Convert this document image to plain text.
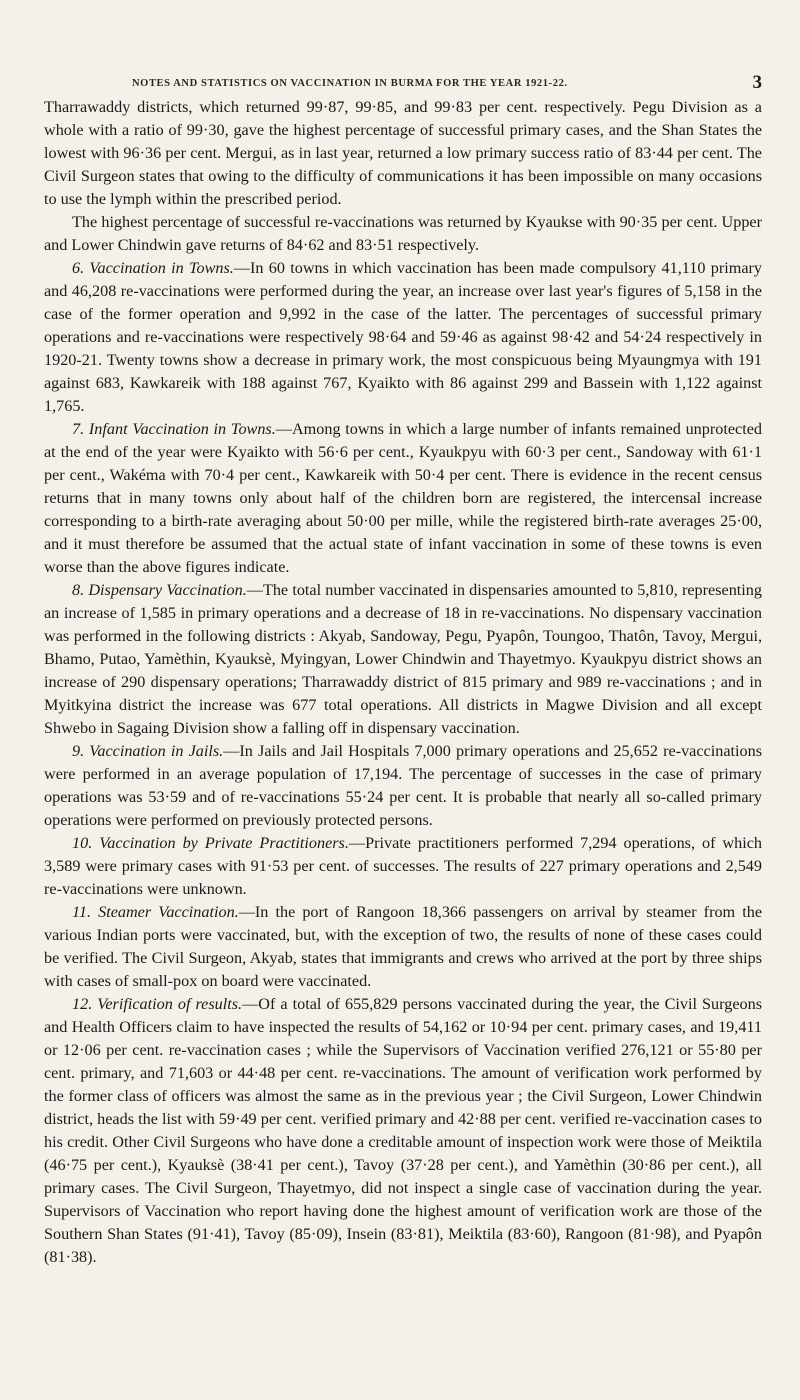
NOTES AND STATISTICS ON VACCINATION IN BURMA FOR THE YEAR 1921-22.	3

Tharrawaddy districts, which returned 99·87, 99·85, and 99·83 per cent. respectively. Pegu Division as a whole with a ratio of 99·30, gave the highest percentage of successful primary cases, and the Shan States the lowest with 96·36 per cent. Mergui, as in last year, returned a low primary success ratio of 83·44 per cent. The Civil Surgeon states that owing to the difficulty of communications it has been impossible on many occasions to use the lymph within the prescribed period.

The highest percentage of successful re-vaccinations was returned by Kyaukse with 90·35 per cent. Upper and Lower Chindwin gave returns of 84·62 and 83·51 respectively.

6. Vaccination in Towns.—In 60 towns in which vaccination has been made compulsory 41,110 primary and 46,208 re-vaccinations were performed during the year, an increase over last year's figures of 5,158 in the case of the former operation and 9,992 in the case of the latter. The percentages of successful primary operations and re-vaccinations were respectively 98·64 and 59·46 as against 98·42 and 54·24 respectively in 1920-21. Twenty towns show a decrease in primary work, the most conspicuous being Myaungmya with 191 against 683, Kawkareik with 188 against 767, Kyaikto with 86 against 299 and Bassein with 1,122 against 1,765.

7. Infant Vaccination in Towns.—Among towns in which a large number of infants remained unprotected at the end of the year were Kyaikto with 56·6 per cent., Kyaukpyu with 60·3 per cent., Sandoway with 61·1 per cent., Wakéma with 70·4 per cent., Kawkareik with 50·4 per cent. There is evidence in the recent census returns that in many towns only about half of the children born are registered, the intercensal increase corresponding to a birth-rate averaging about 50·00 per mille, while the registered birth-rate averages 25·00, and it must therefore be assumed that the actual state of infant vaccination in some of these towns is even worse than the above figures indicate.

8. Dispensary Vaccination.—The total number vaccinated in dispensaries amounted to 5,810, representing an increase of 1,585 in primary operations and a decrease of 18 in re-vaccinations. No dispensary vaccination was performed in the following districts : Akyab, Sandoway, Pegu, Pyapôn, Toungoo, Thatôn, Tavoy, Mergui, Bhamo, Putao, Yamèthin, Kyauksè, Myingyan, Lower Chindwin and Thayetmyo. Kyaukpyu district shows an increase of 290 dispensary operations; Tharrawaddy district of 815 primary and 989 re-vaccinations ; and in Myitkyina district the increase was 677 total operations. All districts in Magwe Division and all except Shwebo in Sagaing Division show a falling off in dispensary vaccination.

9. Vaccination in Jails.—In Jails and Jail Hospitals 7,000 primary operations and 25,652 re-vaccinations were performed in an average population of 17,194. The percentage of successes in the case of primary operations was 53·59 and of re-vaccinations 55·24 per cent. It is probable that nearly all so-called primary operations were performed on previously protected persons.

10. Vaccination by Private Practitioners.—Private practitioners performed 7,294 operations, of which 3,589 were primary cases with 91·53 per cent. of successes. The results of 227 primary operations and 2,549 re-vaccinations were unknown.

11. Steamer Vaccination.—In the port of Rangoon 18,366 passengers on arrival by steamer from the various Indian ports were vaccinated, but, with the exception of two, the results of none of these cases could be verified. The Civil Surgeon, Akyab, states that immigrants and crews who arrived at the port by three ships with cases of small-pox on board were vaccinated.

12. Verification of results.—Of a total of 655,829 persons vaccinated during the year, the Civil Surgeons and Health Officers claim to have inspected the results of 54,162 or 10·94 per cent. primary cases, and 19,411 or 12·06 per cent. re-vaccination cases ; while the Supervisors of Vaccination verified 276,121 or 55·80 per cent. primary, and 71,603 or 44·48 per cent. re-vaccinations. The amount of verification work performed by the former class of officers was almost the same as in the previous year ; the Civil Surgeon, Lower Chindwin district, heads the list with 59·49 per cent. verified primary and 42·88 per cent. verified re-vaccination cases to his credit. Other Civil Surgeons who have done a creditable amount of inspection work were those of Meiktila (46·75 per cent.), Kyauksè (38·41 per cent.), Tavoy (37·28 per cent.), and Yamèthin (30·86 per cent.), all primary cases. The Civil Surgeon, Thayetmyo, did not inspect a single case of vaccination during the year. Supervisors of Vaccination who report having done the highest amount of verification work are those of the Southern Shan States (91·41), Tavoy (85·09), Insein (83·81), Meiktila (83·60), Rangoon (81·98), and Pyapôn (81·38).
